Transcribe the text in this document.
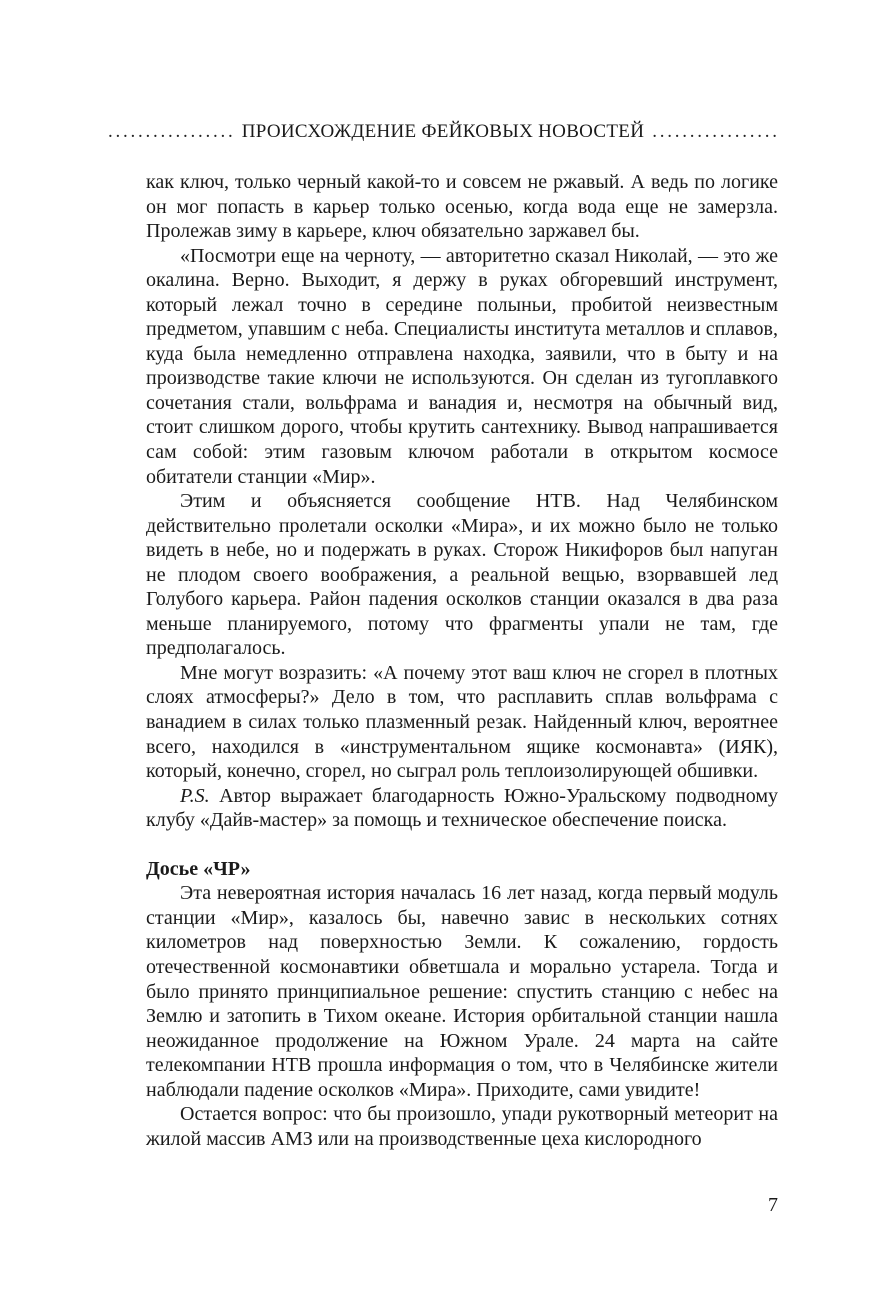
. . .
ПРОИСХОЖДЕНИЕ ФЕЙКОВЫХ НОВОСТЕЙ
. . .

как ключ, только черный какой-то и совсем не ржавый. А ведь по логике он мог попасть в карьер только осенью, когда вода еще не замерзла. Пролежав зиму в карьере, ключ обязательно заржавел бы.

«Посмотри еще на черноту, — авторитетно сказал Николай, — это же окалина. Верно. Выходит, я держу в руках обгоревший инструмент, который лежал точно в середине полыньи, пробитой неизвестным предметом, упавшим с неба. Специалисты института металлов и сплавов, куда была немедленно отправлена находка, заявили, что в быту и на производстве такие ключи не используются. Он сделан из тугоплавкого сочетания стали, вольфрама и ванадия и, несмотря на обычный вид, стоит слишком дорого, чтобы крутить сантехнику. Вывод напрашивается сам собой: этим газовым ключом работали в открытом космосе обитатели станции «Мир».

Этим и объясняется сообщение НТВ. Над Челябинском действительно пролетали осколки «Мира», и их можно было не только видеть в небе, но и подержать в руках. Сторож Никифоров был напуган не плодом своего воображения, а реальной вещью, взорвавшей лед Голубого карьера. Район падения осколков станции оказался в два раза меньше планируемого, потому что фрагменты упали не там, где предполагалось.

Мне могут возразить: «А почему этот ваш ключ не сгорел в плотных слоях атмосферы?» Дело в том, что расплавить сплав вольфрама с ванадием в силах только плазменный резак. Найденный ключ, вероятнее всего, находился в «инструментальном ящике космонавта» (ИЯК), который, конечно, сгорел, но сыграл роль теплоизолирующей обшивки.

P.S. Автор выражает благодарность Южно-Уральскому подводному клубу «Дайв-мастер» за помощь и техническое обеспечение поиска.

Досье «ЧР»

Эта невероятная история началась 16 лет назад, когда первый модуль станции «Мир», казалось бы, навечно завис в нескольких сотнях километров над поверхностью Земли. К сожалению, гордость отечественной космонавтики обветшала и морально устарела. Тогда и было принято принципиальное решение: спустить станцию с небес на Землю и затопить в Тихом океане. История орбитальной станции нашла неожиданное продолжение на Южном Урале. 24 марта на сайте телекомпании НТВ прошла информация о том, что в Челябинске жители наблюдали падение осколков «Мира». Приходите, сами увидите!

Остается вопрос: что бы произошло, упади рукотворный метеорит на жилой массив АМЗ или на производственные цеха кислородного

7
